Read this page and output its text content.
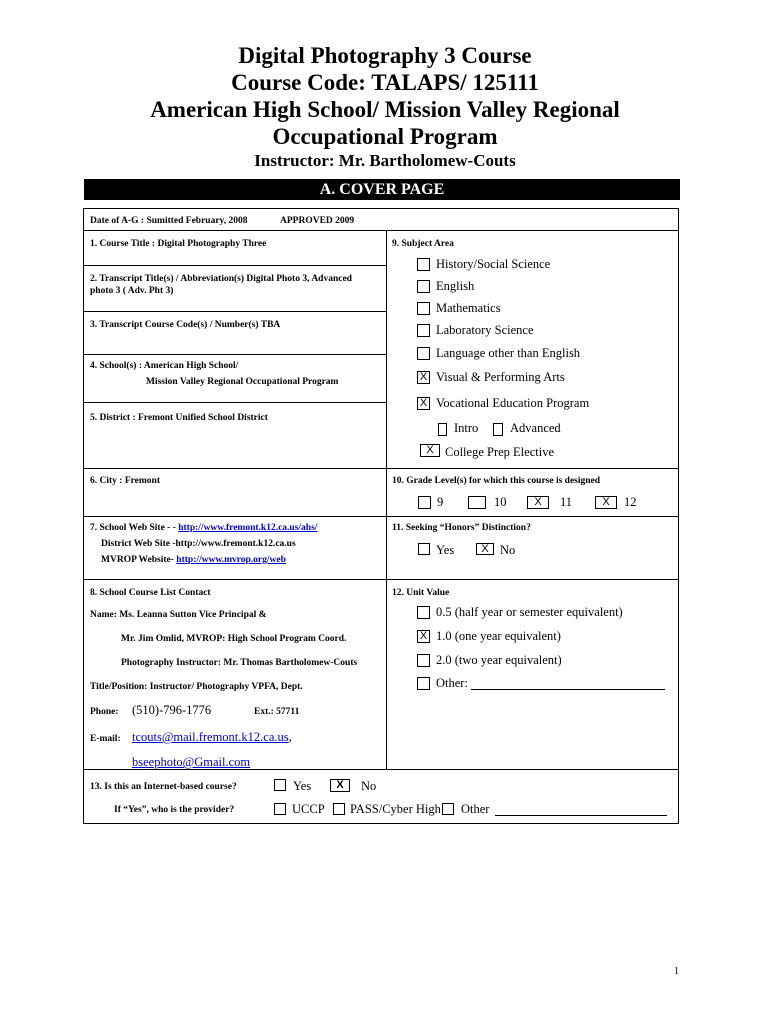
Digital Photography 3 Course
Course Code: TALAPS/ 125111
American High School/ Mission Valley Regional
Occupational Program
Instructor: Mr. Bartholomew-Couts
A. COVER PAGE
Date of A-G : Sumitted February, 2008	APPROVED 2009
1. Course Title : Digital Photography Three
2. Transcript Title(s) / Abbreviation(s) Digital Photo 3, Advanced
photo 3 ( Adv. Pht 3)
3. Transcript Course Code(s) / Number(s) TBA
4. School(s) : American High School/
Mission Valley Regional Occupational Program
5. District : Fremont Unified School District
6. City : Fremont
7. School Web Site - - http://www.fremont.k12.ca.us/ahs/
District Web Site -http://www.fremont.k12.ca.us
MVROP Website- http://www.mvrop.org/web
8. School Course List Contact
Name: Ms. Leanna Sutton Vice Principal &
Mr. Jim Omlid, MVROP: High School Program Coord.
Photography Instructor: Mr. Thomas Bartholomew-Couts
Title/Position: Instructor/ Photography VPFA, Dept.
Phone: (510)-796-1776	Ext.: 57711
E-mail: tcouts@mail.fremont.k12.ca.us,
bseephoto@Gmail.com
9. Subject Area
History/Social Science
English
Mathematics
Laboratory Science
Language other than English
X Visual & Performing Arts
X Vocational Education Program
Intro	Advanced
X College Prep Elective
10. Grade Level(s) for which this course is designed
9	10	X	11	X	12
11. Seeking “Honors” Distinction?
Yes	X No
12. Unit Value
0.5 (half year or semester equivalent)
X 1.0 (one year equivalent)
2.0 (two year equivalent)
Other:
13. Is this an Internet-based course?	Yes	X	No
If “Yes”, who is the provider?	UCCP PASS/Cyber High Other
1
